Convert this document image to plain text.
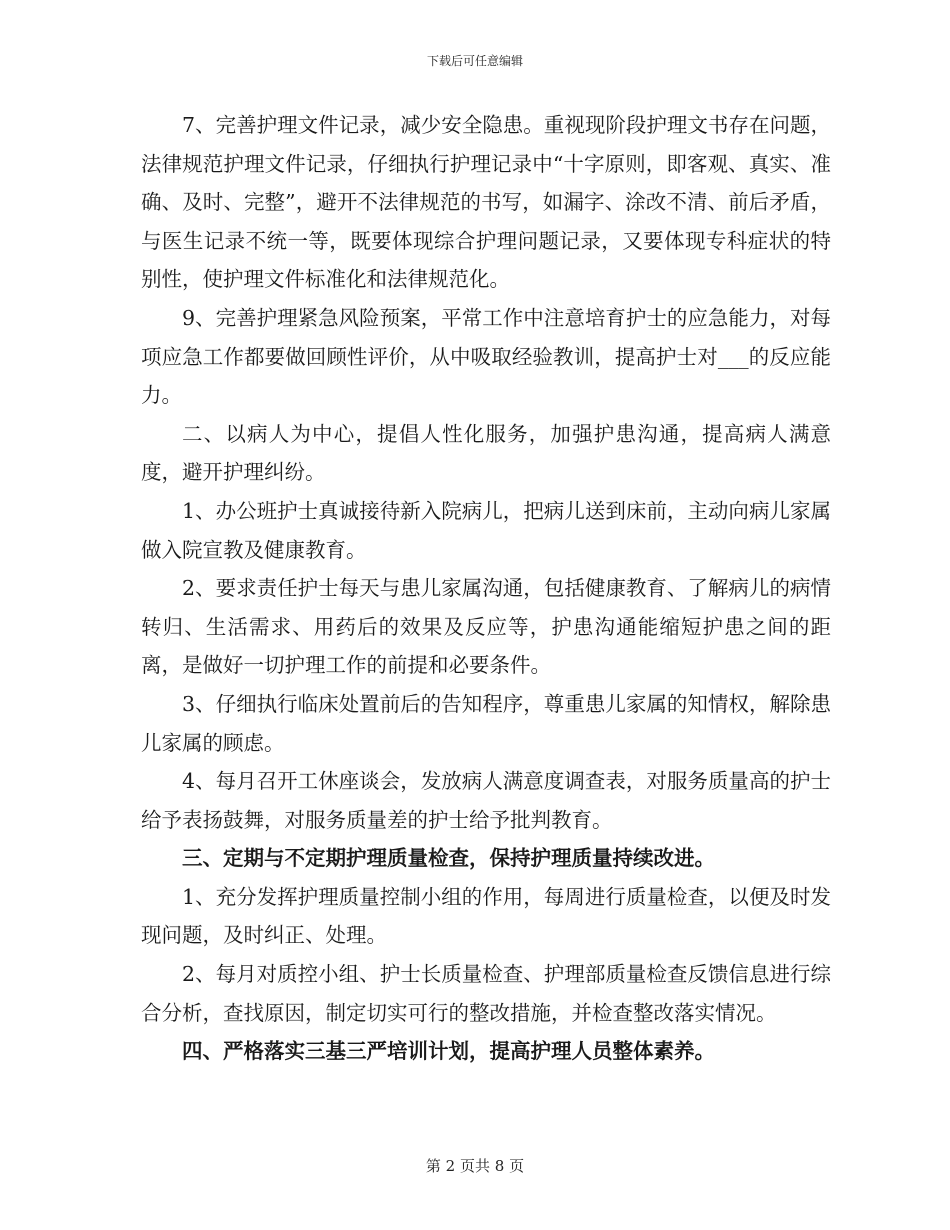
下载后可任意编辑

7、完善护理文件记录，减少安全隐患。重视现阶段护理文书存在问题，法律规范护理文件记录，仔细执行护理记录中“十字原则，即客观、真实、准确、及时、完整”，避开不法律规范的书写，如漏字、涂改不清、前后矛盾，与医生记录不统一等，既要体现综合护理问题记录，又要体现专科症状的特别性，使护理文件标准化和法律规范化。

9、完善护理紧急风险预案，平常工作中注意培育护士的应急能力，对每项应急工作都要做回顾性评价，从中吸取经验教训，提高护士对___的反应能力。

二、以病人为中心，提倡人性化服务，加强护患沟通，提高病人满意度，避开护理纠纷。

1、办公班护士真诚接待新入院病儿，把病儿送到床前，主动向病儿家属做入院宣教及健康教育。

2、要求责任护士每天与患儿家属沟通，包括健康教育、了解病儿的病情转归、生活需求、用药后的效果及反应等，护患沟通能缩短护患之间的距离，是做好一切护理工作的前提和必要条件。

3、仔细执行临床处置前后的告知程序，尊重患儿家属的知情权，解除患儿家属的顾虑。

4、每月召开工休座谈会，发放病人满意度调查表，对服务质量高的护士给予表扬鼓舞，对服务质量差的护士给予批判教育。

三、定期与不定期护理质量检查，保持护理质量持续改进。

1、充分发挥护理质量控制小组的作用，每周进行质量检查，以便及时发现问题，及时纠正、处理。

2、每月对质控小组、护士长质量检查、护理部质量检查反馈信息进行综合分析，查找原因，制定切实可行的整改措施，并检查整改落实情况。

四、严格落实三基三严培训计划，提高护理人员整体素养。

第 2 页共 8 页
